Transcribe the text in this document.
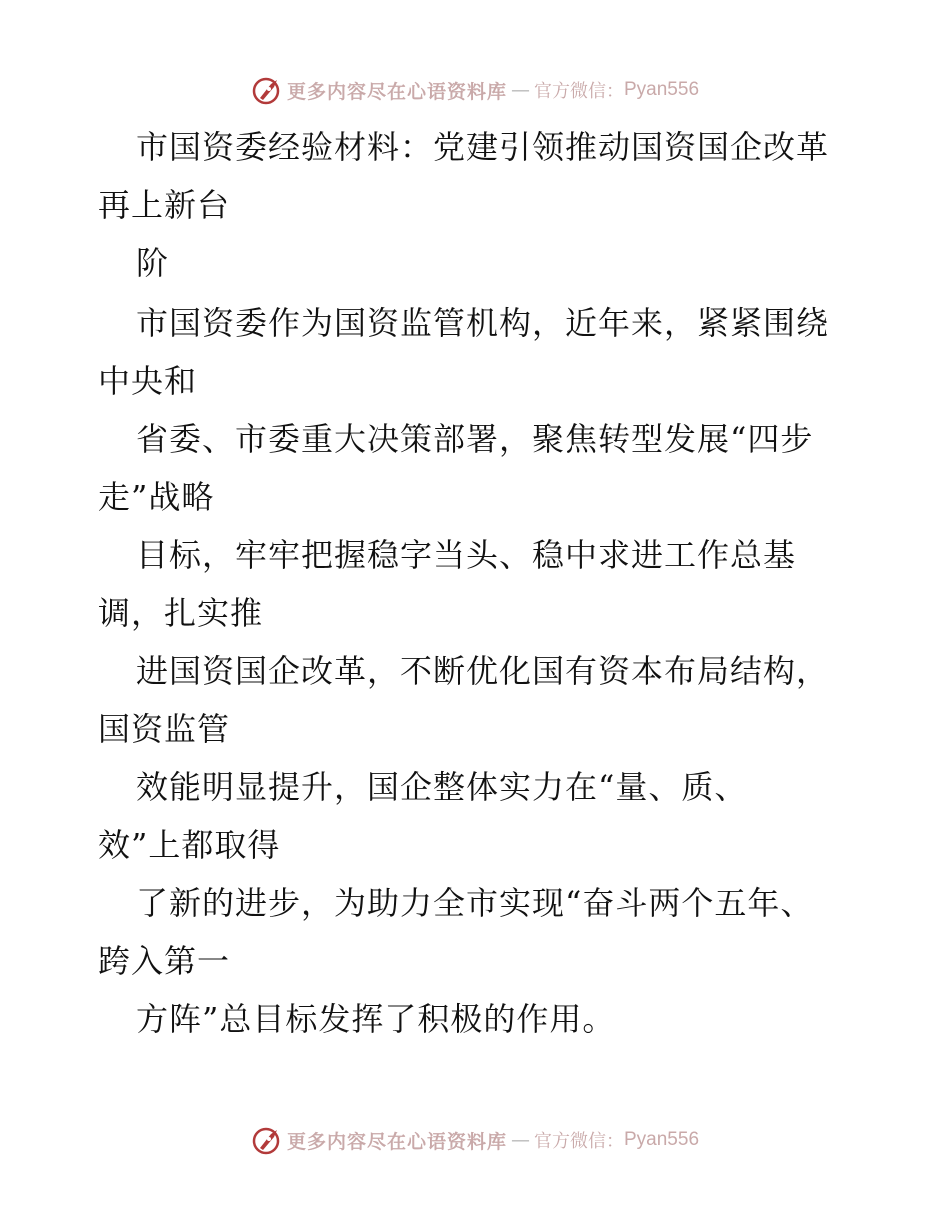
更多内容尽在心语资料库 — 官方微信： Pyan556
市国资委经验材料：党建引领推动国资国企改革
再上新台
阶
市国资委作为国资监管机构，近年来，紧紧围绕
中央和
省委、市委重大决策部署，聚焦转型发展“四步
走”战略
目标，牢牢把握稳字当头、稳中求进工作总基
调，扎实推
进国资国企改革，不断优化国有资本布局结构，
国资监管
效能明显提升，国企整体实力在“量、质、
效”上都取得
了新的进步，为助力全市实现“奋斗两个五年、
跨入第一
方阵”总目标发挥了积极的作用。
更多内容尽在心语资料库 — 官方微信： Pyan556
